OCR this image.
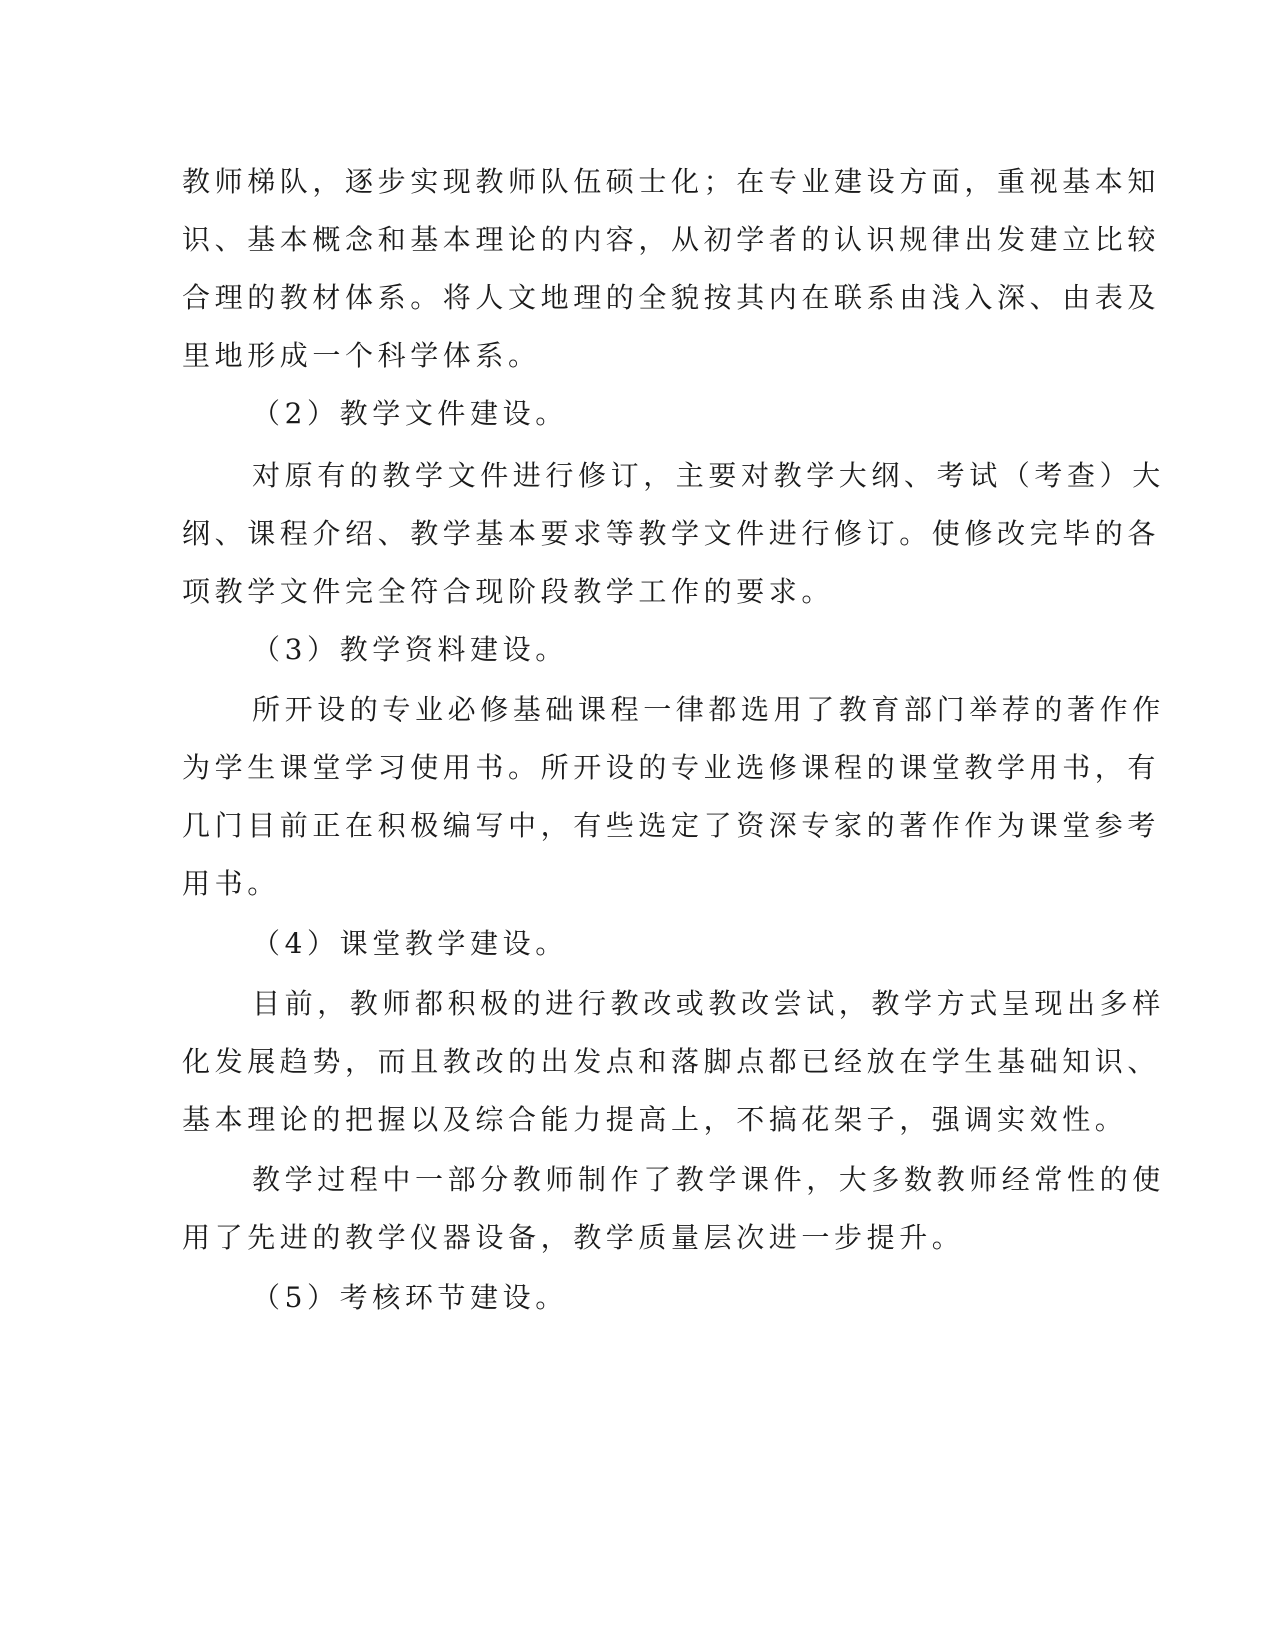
教师梯队，逐步实现教师队伍硕士化；在专业建设方面，重视基本知
识、基本概念和基本理论的内容，从初学者的认识规律出发建立比较
合理的教材体系。将人文地理的全貌按其内在联系由浅入深、由表及
里地形成一个科学体系。
（2）教学文件建设。
对原有的教学文件进行修订，主要对教学大纲、考试（考查）大
纲、课程介绍、教学基本要求等教学文件进行修订。使修改完毕的各
项教学文件完全符合现阶段教学工作的要求。
（3）教学资料建设。
所开设的专业必修基础课程一律都选用了教育部门举荐的著作作
为学生课堂学习使用书。所开设的专业选修课程的课堂教学用书，有
几门目前正在积极编写中，有些选定了资深专家的著作作为课堂参考
用书。
（4）课堂教学建设。
目前，教师都积极的进行教改或教改尝试，教学方式呈现出多样
化发展趋势，而且教改的出发点和落脚点都已经放在学生基础知识、
基本理论的把握以及综合能力提高上，不搞花架子，强调实效性。
教学过程中一部分教师制作了教学课件，大多数教师经常性的使
用了先进的教学仪器设备，教学质量层次进一步提升。
（5）考核环节建设。
